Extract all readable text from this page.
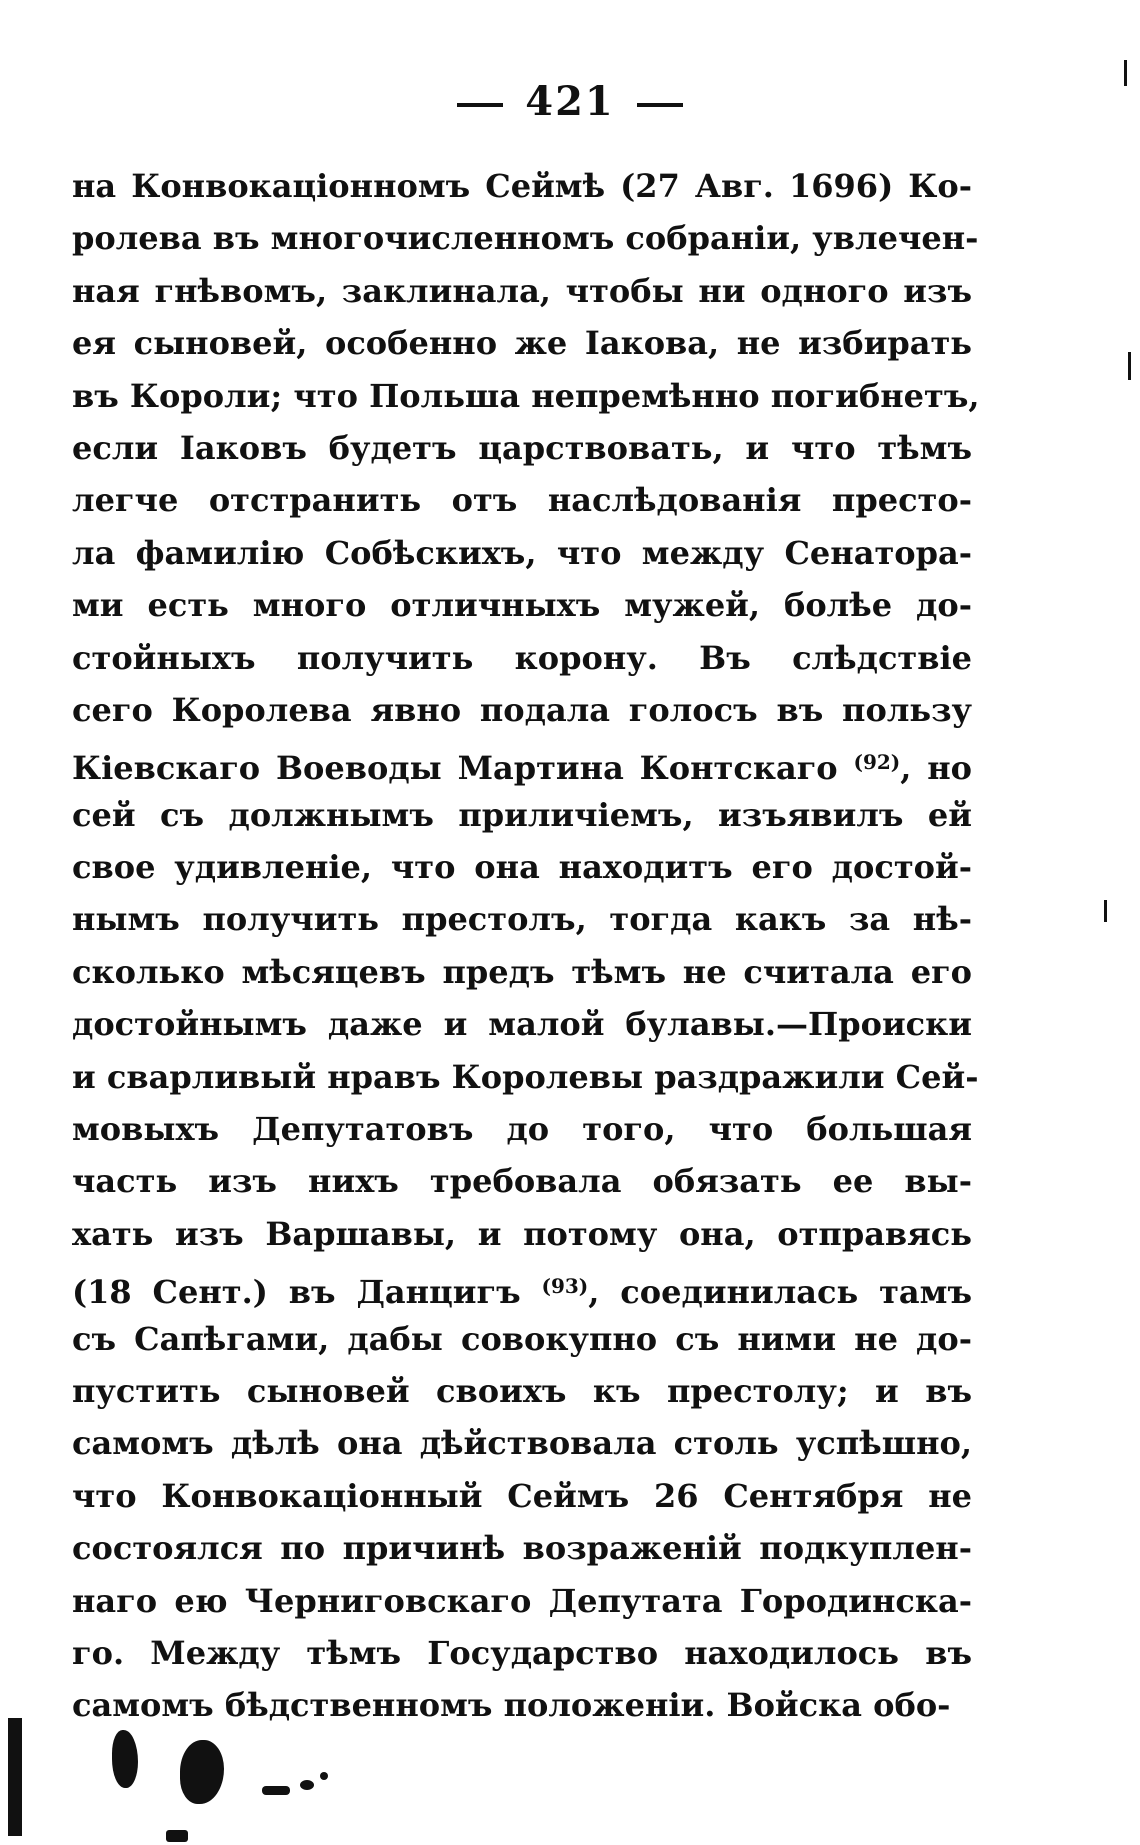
421
на Конвокаціонномъ Сеймѣ (27 Авг. 1696) Ко-
ролева въ многочисленномъ собраніи, увлечен-
ная гнѣвомъ, заклинала, чтобы ни одного изъ
ея сыновей, особенно же Іакова, не избирать
въ Короли; что Польша непремѣнно погибнетъ,
если Іаковъ будетъ царствовать, и что тѣмъ
легче отстранить отъ наслѣдованія престо-
ла фамилію Собѣскихъ, что между Сенатора-
ми есть много отличныхъ мужей, болѣе до-
стойныхъ получить корону. Въ слѣдствіе
сего Королева явно подала голосъ въ пользу
Кіевскаго Воеводы Мартина Контскаго $^{(92)}$, но
сей съ должнымъ приличіемъ, изъявилъ ей
свое удивленіе, что она находитъ его достой-
нымъ получить престолъ, тогда какъ за нѣ-
сколько мѣсяцевъ предъ тѣмъ не считала его
достойнымъ даже и малой булавы.—Происки
и сварливый нравъ Королевы раздражили Сей-
мовыхъ Депутатовъ до того, что большая
часть изъ нихъ требовала обязать ее вы-
хать изъ Варшавы, и потому она, отправясь
(18 Сент.) въ Данцигъ $^{(93)}$, соединилась тамъ
съ Сапѣгами, дабы совокупно съ ними не до-
пустить сыновей своихъ къ престолу; и въ
самомъ дѣлѣ она дѣйствовала столь успѣшно,
что Конвокаціонный Сеймъ 26 Сентября не
состоялся по причинѣ возраженій подкуплен-
наго ею Черниговскаго Депутата Городинска-
го. Между тѣмъ Государство находилось въ
самомъ бѣдственномъ положеніи. Войска обо-
